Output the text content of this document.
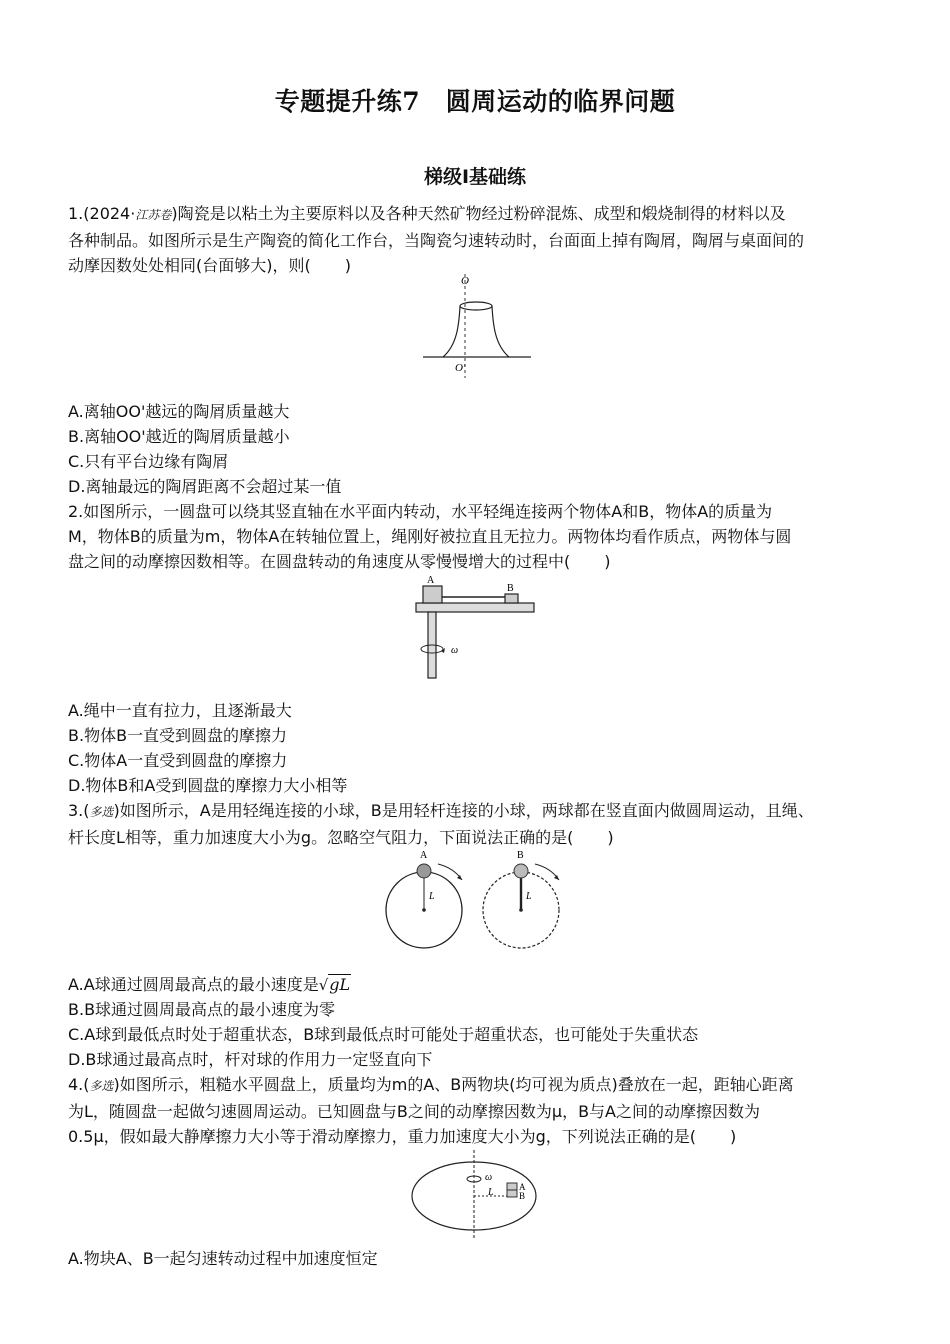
专题提升练7　圆周运动的临界问题
梯级Ⅰ基础练
1.(2024·江苏卷)陶瓷是以粘土为主要原料以及各种天然矿物经过粉碎混炼、成型和煅烧制得的材料以及
各种制品。如图所示是生产陶瓷的简化工作台，当陶瓷匀速转动时，台面面上掉有陶屑，陶屑与桌面间的
动摩因数处处相同(台面够大)，则( )
O
O′
A.离轴OO'越远的陶屑质量越大
B.离轴OO'越近的陶屑质量越小
C.只有平台边缘有陶屑
D.离轴最远的陶屑距离不会超过某一值
2.如图所示，一圆盘可以绕其竖直轴在水平面内转动，水平轻绳连接两个物体A和B，物体A的质量为
M，物体B的质量为m，物体A在转轴位置上，绳刚好被拉直且无拉力。两物体均看作质点，两物体与圆
盘之间的动摩擦因数相等。在圆盘转动的角速度从零慢慢增大的过程中( )
A
B
ω
A.绳中一直有拉力，且逐渐最大
B.物体B一直受到圆盘的摩擦力
C.物体A一直受到圆盘的摩擦力
D.物体B和A受到圆盘的摩擦力大小相等
3.(多选)如图所示，A是用轻绳连接的小球，B是用轻杆连接的小球，两球都在竖直面内做圆周运动，且绳、
杆长度L相等，重力加速度大小为g。忽略空气阻力，下面说法正确的是( )
A	B
L	L
A.A球通过圆周最高点的最小速度是√gL
B.B球通过圆周最高点的最小速度为零
C.A球到最低点时处于超重状态，B球到最低点时可能处于超重状态，也可能处于失重状态
D.B球通过最高点时，杆对球的作用力一定竖直向下
4.(多选)如图所示，粗糙水平圆盘上，质量均为m的A、B两物块(均可视为质点)叠放在一起，距轴心距离
为L，随圆盘一起做匀速圆周运动。已知圆盘与B之间的动摩擦因数为μ，B与A之间的动摩擦因数为
0.5μ，假如最大静摩擦力大小等于滑动摩擦力，重力加速度大小为g，下列说法正确的是( )
ω
L	A
B
A.物块A、B一起匀速转动过程中加速度恒定
